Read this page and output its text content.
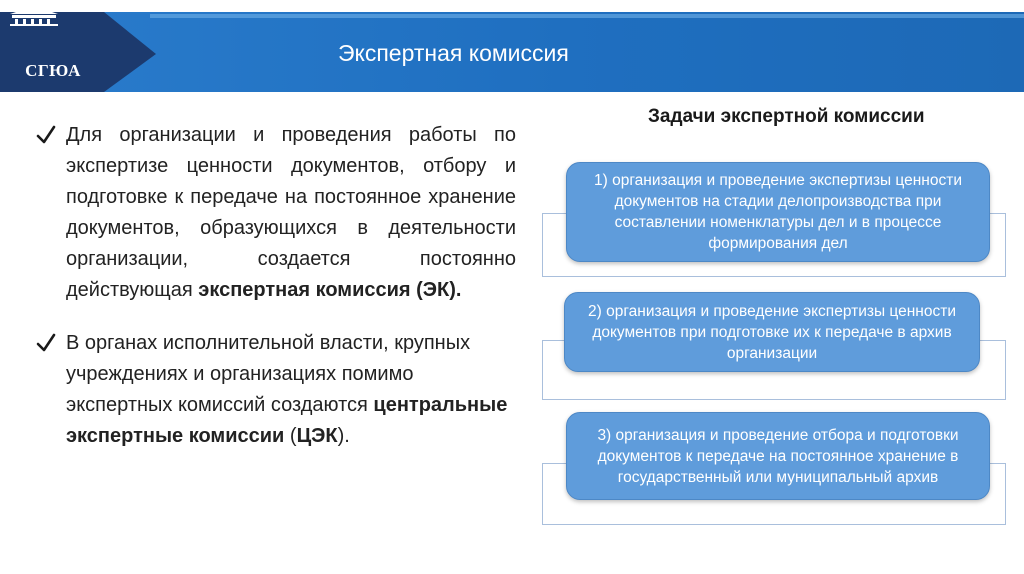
СГЮА
Экспертная комиссия
Для организации и проведения работы по экспертизе ценности документов, отбору и подготовке к передаче на постоянное хранение документов, образующихся в деятельности организации, создается постоянно действующая экспертная комиссия (ЭК).
В органах исполнительной власти, крупных учреждениях и организациях помимо экспертных комиссий создаются центральные экспертные комиссии (ЦЭК).
Задачи экспертной комиссии
1) организация и проведение экспертизы ценности документов на стадии делопроизводства при составлении номенклатуры дел и в процессе формирования дел
2) организация и проведение экспертизы ценности документов при подготовке их к передаче в архив организации
3) организация и проведение отбора и подготовки документов к передаче на постоянное хранение в государственный или муниципальный архив
